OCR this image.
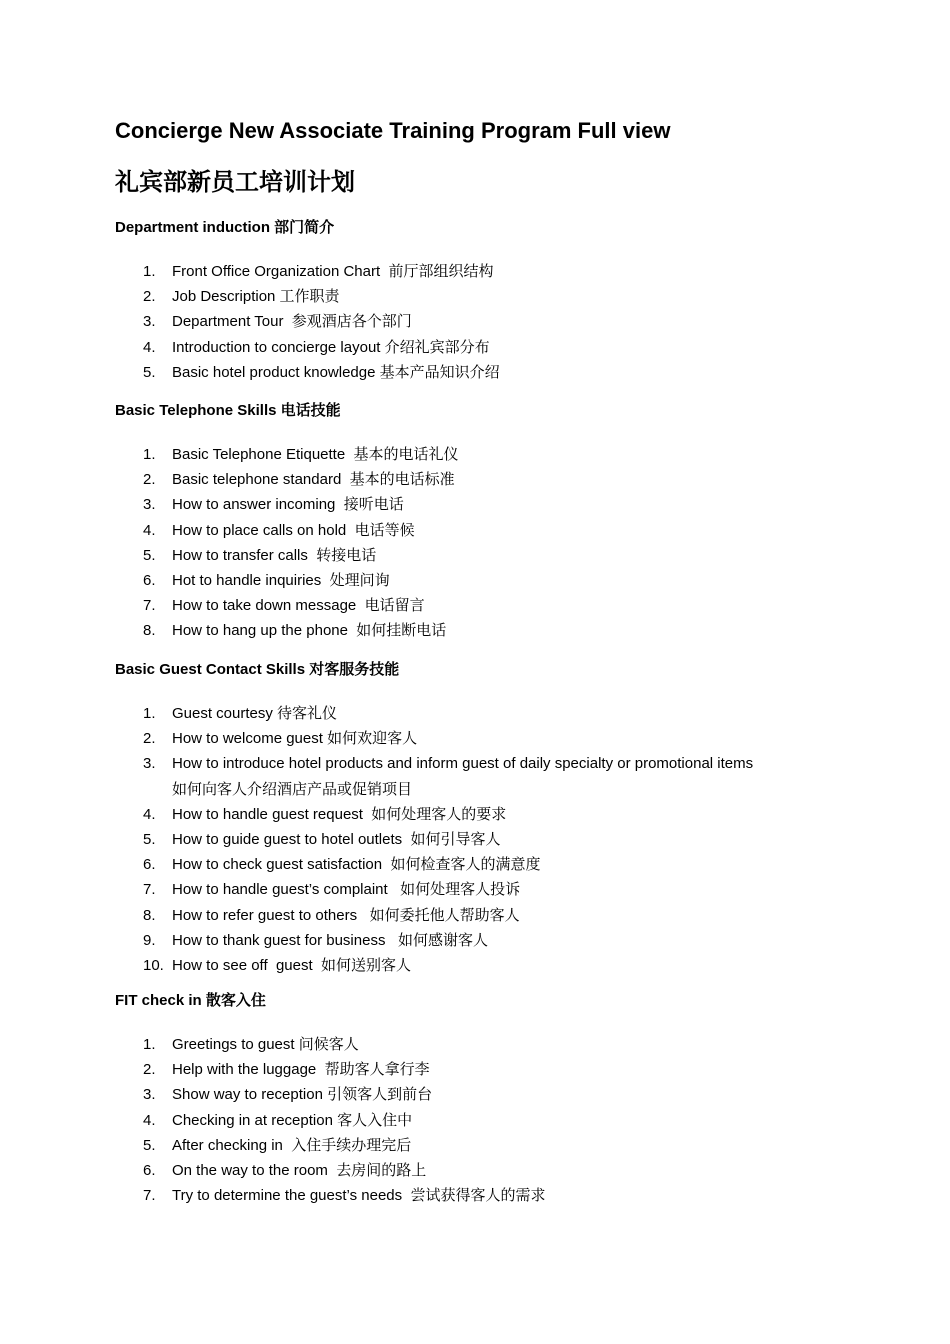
Concierge New Associate Training Program Full view
礼宾部新员工培训计划

Department induction 部门简介

1.	Front Office Organization Chart  前厅部组织结构
2.	Job Description 工作职责
3.	Department Tour  参观酒店各个部门
4.	Introduction to concierge layout 介绍礼宾部分布
5.	Basic hotel product knowledge 基本产品知识介绍

Basic Telephone Skills 电话技能

1.	Basic Telephone Etiquette  基本的电话礼仪
2.	Basic telephone standard  基本的电话标准
3.	How to answer incoming  接听电话
4.	How to place calls on hold  电话等候
5.	How to transfer calls  转接电话
6.	Hot to handle inquiries  处理问询
7.	How to take down message  电话留言
8.	How to hang up the phone  如何挂断电话

Basic Guest Contact Skills 对客服务技能

1.	Guest courtesy 待客礼仪
2.	How to welcome guest 如何欢迎客人
3.	How to introduce hotel products and inform guest of daily specialty or promotional items
如何向客人介绍酒店产品或促销项目
4.	How to handle guest request  如何处理客人的要求
5.	How to guide guest to hotel outlets  如何引导客人
6.	How to check guest satisfaction  如何检查客人的满意度
7.	How to handle guest’s complaint   如何处理客人投诉
8.	How to refer guest to others   如何委托他人帮助客人
9.	How to thank guest for business   如何感谢客人
10. How to see off  guest  如何送别客人

FIT check in 散客入住

1.	Greetings to guest 问候客人
2.	Help with the luggage  帮助客人拿行李
3.	Show way to reception 引领客人到前台
4.	Checking in at reception 客人入住中
5.	After checking in  入住手续办理完后
6.	On the way to the room  去房间的路上
7.	Try to determine the guest’s needs  尝试获得客人的需求
